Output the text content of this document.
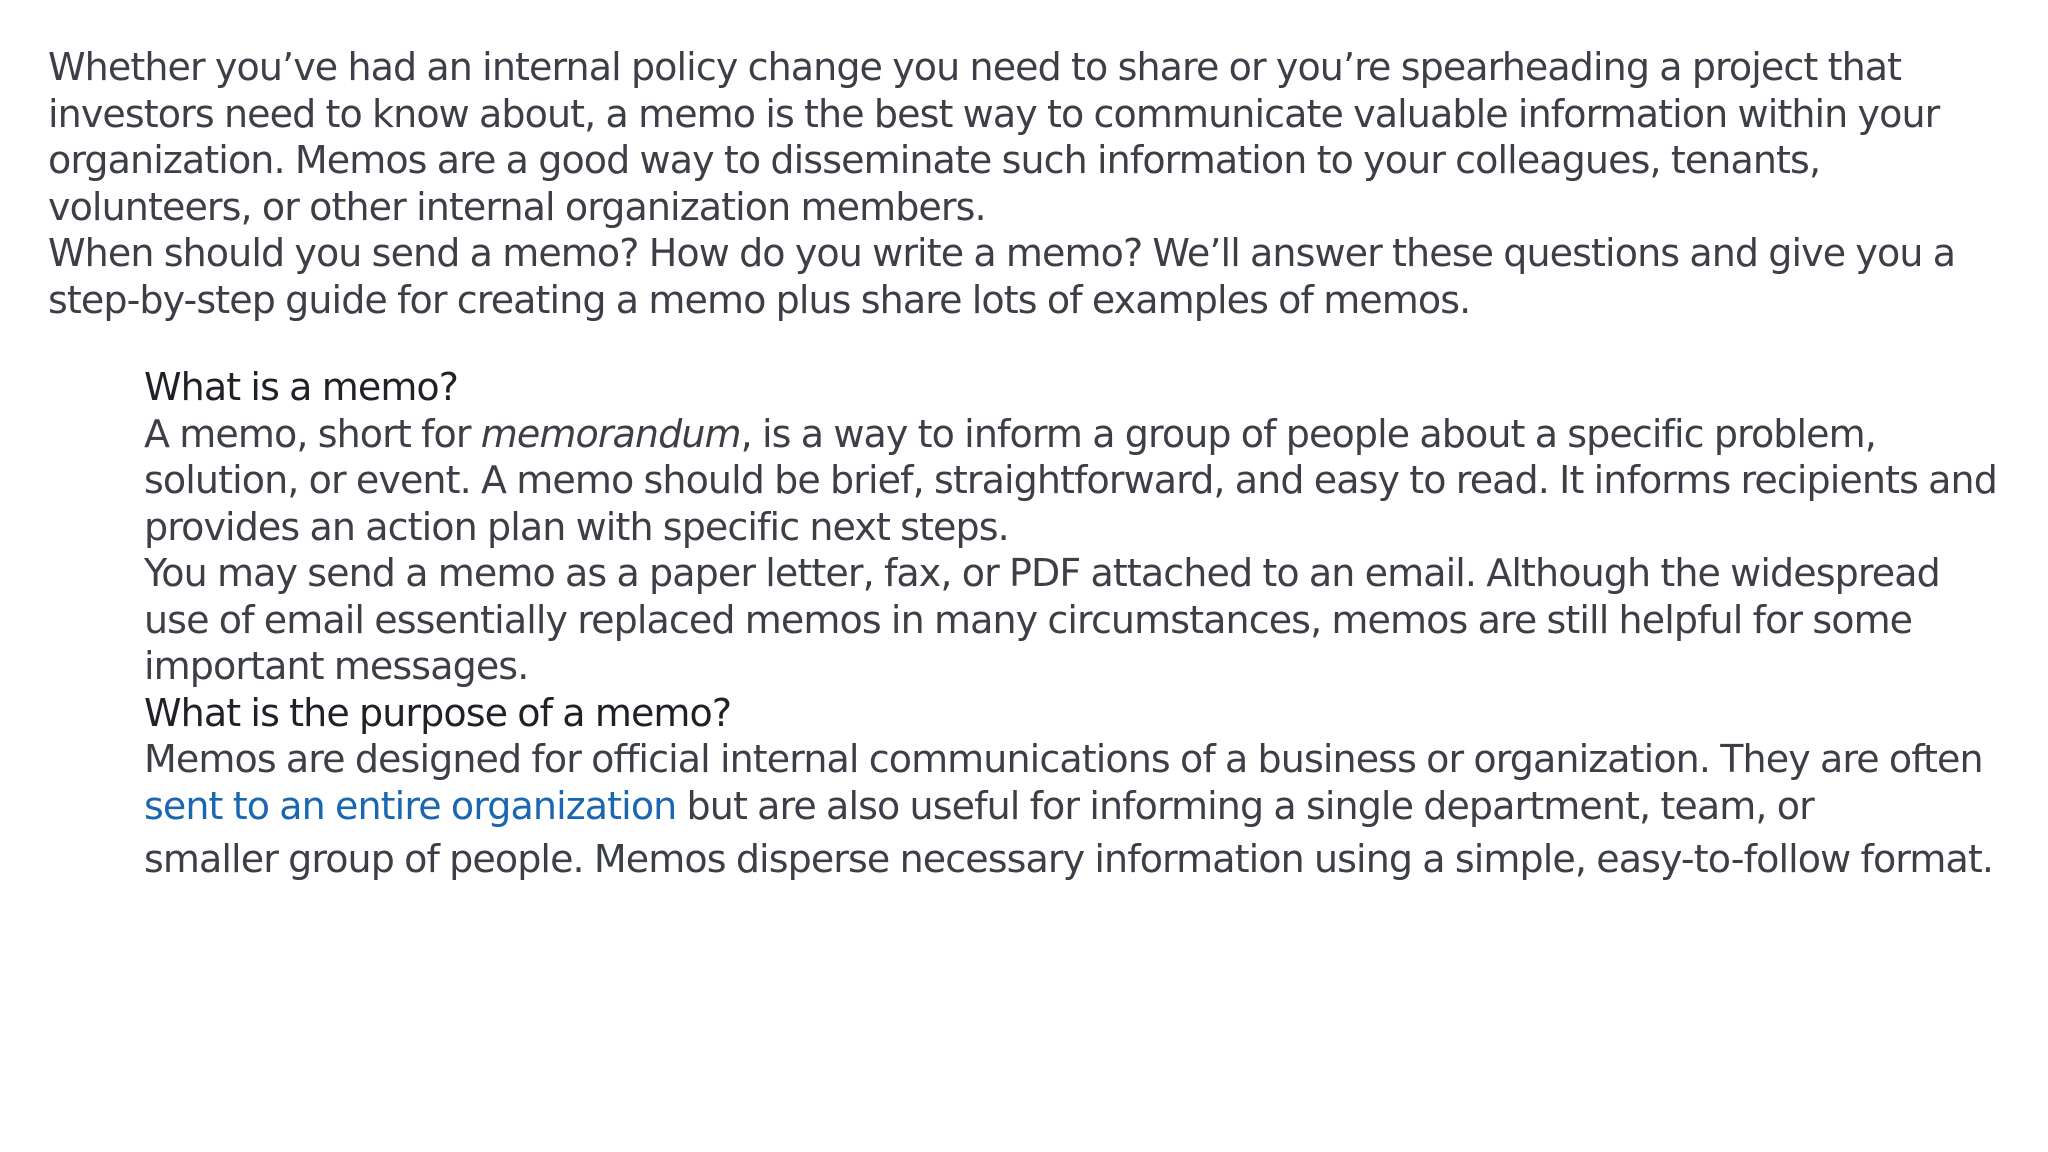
Whether you’ve had an internal policy change you need to share or you’re spearheading a project that investors need to know about, a memo is the best way to communicate valuable information within your organization. Memos are a good way to disseminate such information to your colleagues, tenants, volunteers, or other internal organization members.

When should you send a memo? How do you write a memo? We’ll answer these questions and give you a step-by-step guide for creating a memo plus share lots of examples of memos.

What is a memo?

A memo, short for memorandum, is a way to inform a group of people about a specific problem, solution, or event. A memo should be brief, straightforward, and easy to read. It informs recipients and provides an action plan with specific next steps.

You may send a memo as a paper letter, fax, or PDF attached to an email. Although the widespread use of email essentially replaced memos in many circumstances, memos are still helpful for some important messages.

What is the purpose of a memo?

Memos are designed for official internal communications of a business or organization. They are often sent to an entire organization but are also useful for informing a single department, team, or
smaller group of people. Memos disperse necessary information using a simple, easy-to-follow format.
